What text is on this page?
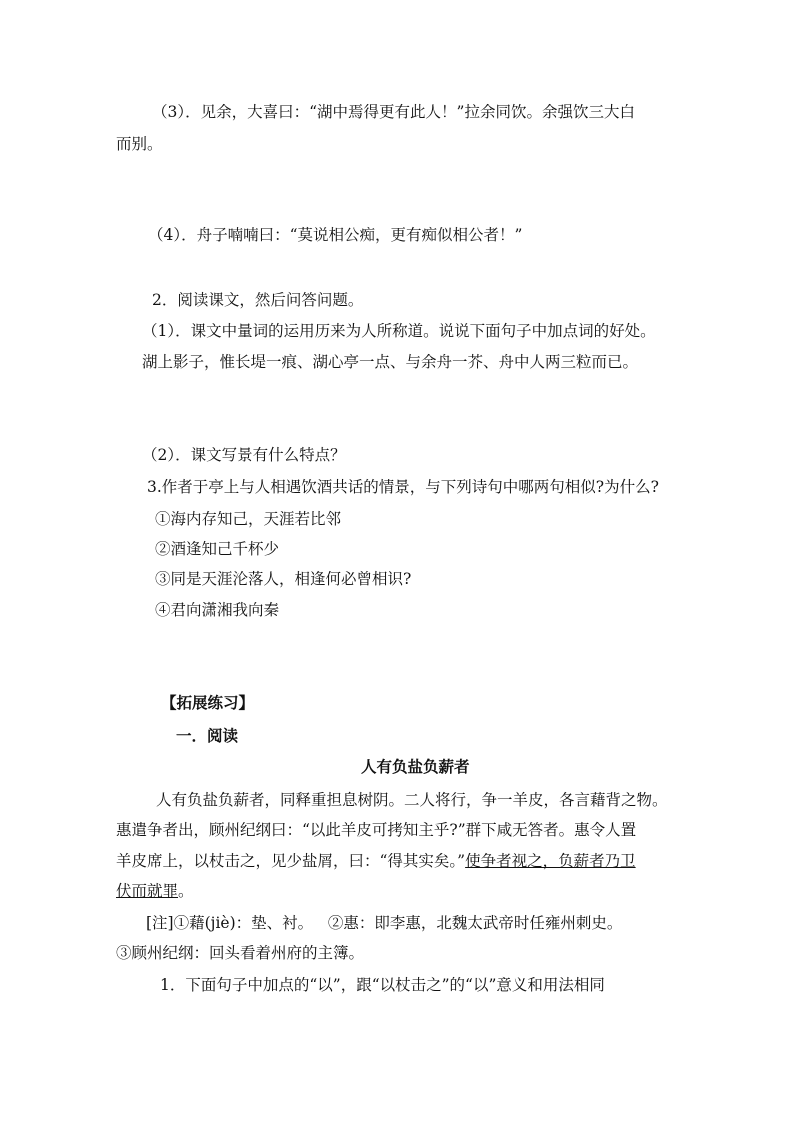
（3）．见余，大喜曰：“湖中焉得更有此人！”拉余同饮。余强饮三大白
而别。
（4）．舟子喃喃曰：“莫说相公痴，更有痴似相公者！”
2．阅读课文，然后问答问题。
（1）．课文中量词的运用历来为人所称道。说说下面句子中加点词的好处。
湖上影子，惟长堤一痕、湖心亭一点、与余舟一芥、舟中人两三粒而已。
（2）．课文写景有什么特点？
3.作者于亭上与人相遇饮酒共话的情景，与下列诗句中哪两句相似?为什么?
①海内存知己，天涯若比邻
②酒逢知己千杯少
③同是天涯沦落人，相逢何必曾相识?
④君向潇湘我向秦
【拓展练习】
一．阅读
人有负盐负薪者
人有负盐负薪者，同释重担息树阴。二人将行，争一羊皮，各言藉背之物。
惠遣争者出，顾州纪纲曰：“以此羊皮可拷知主乎?”群下咸无答者。惠令人置
羊皮席上，以杖击之，见少盐屑，曰：“得其实矣。”使争者视之，负薪者乃卫
伏而就罪。
[注]①藉(jiè)：垫、衬。   ②惠：即李惠，北魏太武帝时任雍州刺史。
③顾州纪纲：回头看着州府的主簿。
1．下面句子中加点的“以”，跟“以杖击之”的“以”意义和用法相同
